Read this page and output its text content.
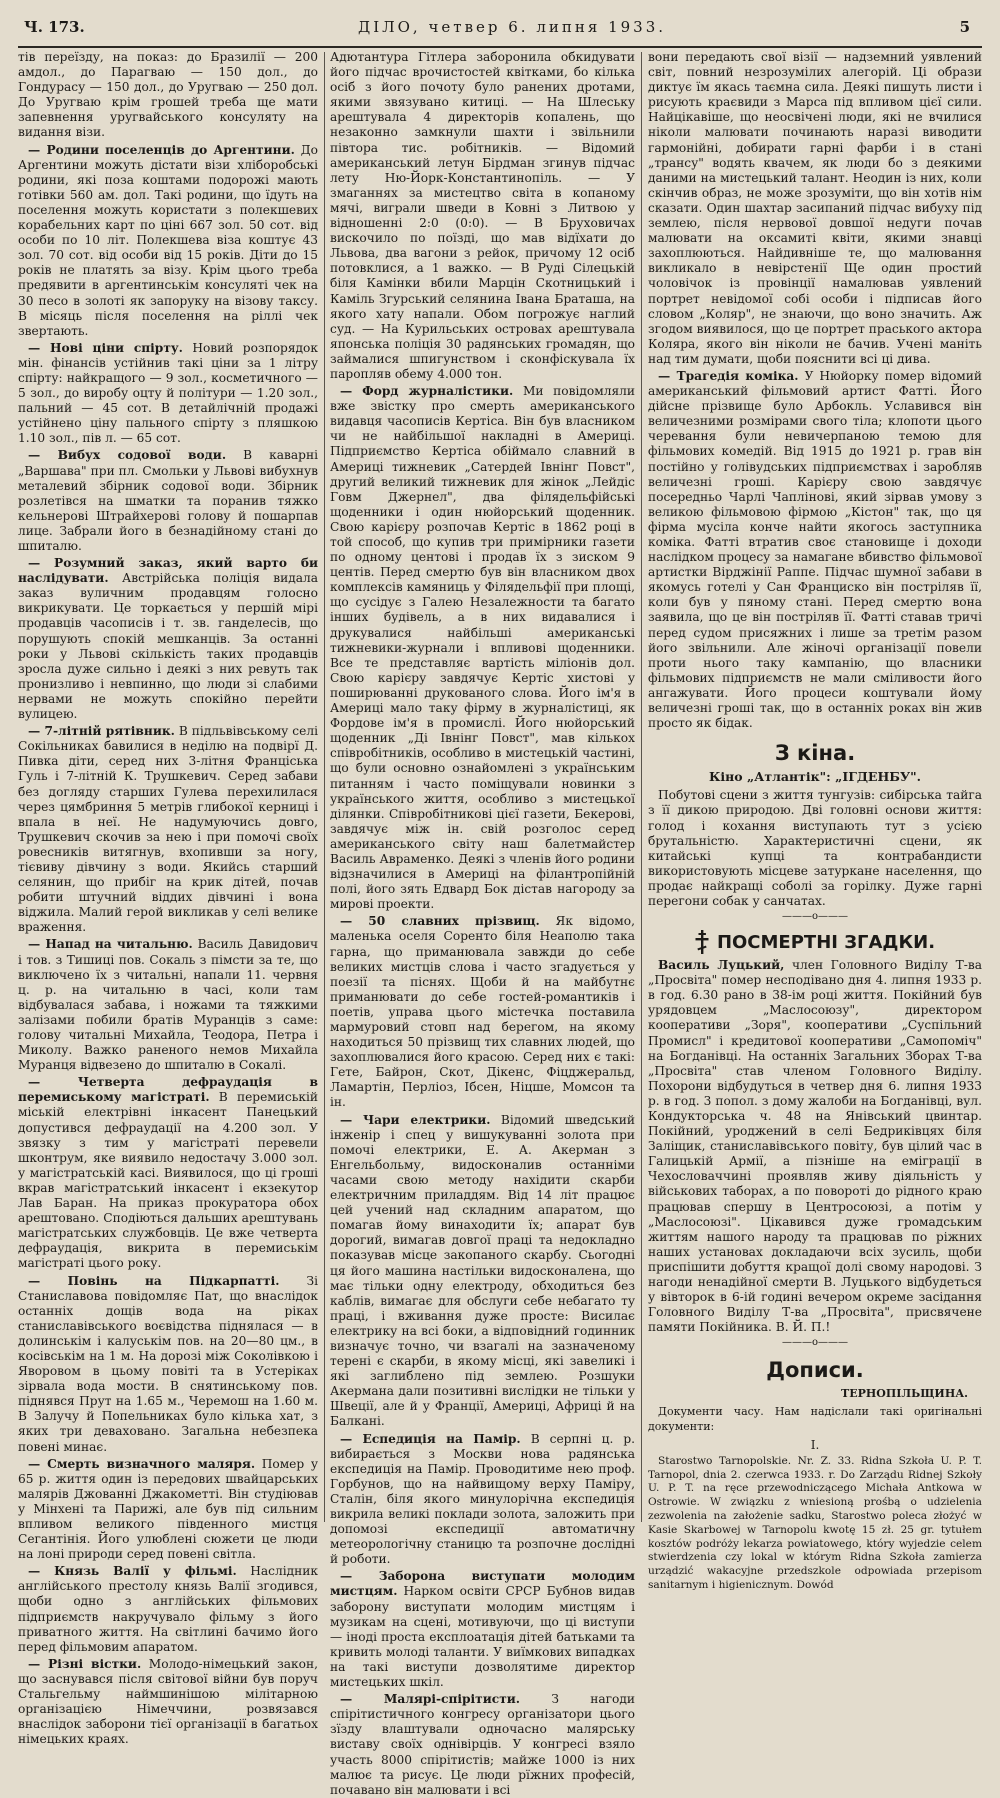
Ч. 173.	ДІЛО, четвер 6. липня 1933.	5

тів переїзду, на показ: до Бразилії — 200 амдол., до Парагваю — 150 дол., до Гондурасу — 150 дол., до Уругваю — 250 дол. До Уругваю крім грошей треба ще мати запевнення уругвайського консуляту на видання візи.

— Родини поселенців до Аргентини. До Аргентини можуть дістати візи хліборобські родини, які поза коштами подорожі мають готівки 560 ам. дол. Такі родини, що їдуть на поселення можуть користати з полекшевих корабельних карт по ціні 667 зол. 50 сот. від особи по 10 літ. Полекшева віза коштує 43 зол. 70 сот. від особи від 15 років. Діти до 15 років не платять за візу. Крім цього треба предявити в аргентинськім консуляті чек на 30 песо в золоті як запоруку на візову таксу. В місяць після поселення на ріллі чек звертають.

— Нові ціни спірту. Новий розпорядок мін. фінансів устійнив такі ціни за 1 літру спірту: найкращого — 9 зол., косметичного — 5 зол., до виробу оцту й політури — 1.20 зол., пальний — 45 сот. В детайлічній продажі устійнено ціну пального спірту з пляшкою 1.10 зол., пів л. — 65 сот.

— Вибух содової води. В каварні „Варшава" при пл. Смольки у Львові вибухнув металевий збірник содової води. Збірник розлетівся на шматки та поранив тяжко кельнерові Штрайхерові голову й пошарпав лице. Забрали його в безнадійному стані до шпиталю.

— Розумний заказ, який варто би наслідувати. Австрійська поліція видала заказ вуличним продавцям голосно викрикувати. Це торкається у першій мірі продавців часописів і т. зв. ганделесів, що порушують спокій мешканців. За останні роки у Львові скількість таких продавців зросла дуже сильно і деякі з них ревуть так пронизливо і невпинно, що люди зі слабими нервами не можуть спокійно перейти вулицею.

— 7-літній рятівник. В підльвівському селі Сокільниках бавилися в неділю на подвірї Д. Пивка діти, серед них 3-літня Франціська Гуль і 7-літній К. Трушкевич. Серед забави без догляду старших Гулева перехилилася через цямбриння 5 метрів глибокої керниці і впала в неї. Не надумуючись довго, Трушкевич скочив за нею і при помочі своїх ровесників витягнув, вхопивши за ногу, тієвиву дівчину з води. Якийсь старший селянин, що прибіг на крик дітей, почав робити штучний віддих дівчині і вона віджила. Малий герой викликав у селі велике враження.

— Напад на читальню. Василь Давидович і тов. з Тишиці пов. Сокаль з пімсти за те, що виключено їх з читальні, напали 11. червня ц. р. на читальню в часі, коли там відбувалася забава, і ножами та тяжкими залізами побили братів Муранців з саме: голову читальні Михайла, Теодора, Петра і Миколу. Важко раненого немов Михайла Муранця відвезено до шпиталю в Сокалі.

— Четверта дефраудація в перемиському магістраті. В перемиській міській електрівні інкасент Панецький допустився дефраудації на 4.200 зол. У звязку з тим у магістраті перевели шконтрум, яке виявило недостачу 3.000 зол. у магістратській касі. Виявилося, що ці гроші вкрав магістратський інкасент і екзекутор Лав Баран. На приказ прокуратора обох арештовано. Сподіються дальших арештувань магістратських службовців. Це вже четверта дефраудація, викрита в перемиськім магістраті цього року.

— Повінь на Підкарпатті. Зі Станиславова повідомляє Пат, що внаслідок останніх дощів вода на ріках станиславівського воєвідства піднялася — в долинськім і калуськім пов. на 20—80 цм., в косівськім на 1 м. На дорозі між Соколівкою і Яворовом в цьому повіті та в Устеріках зірвала вода мости. В снятинському пов. піднявся Прут на 1.65 м., Черемош на 1.60 м. В Залучу й Попельниках було кілька хат, з яких три деваховано. Загальна небезпека повені минає.

— Смерть визначного маляря. Помер у 65 р. життя один із передових швайцарських малярів Джованні Джакометті. Він студіював у Мінхені та Парижі, але був під сильним впливом великого південного мистця Сегантінія. Його улюблені сюжети це люди на лоні природи серед повені світла.

— Князь Валії у фільмі. Наслідник англійського престолу князь Валії згодився, щоби одно з англійських фільмових підприємств накручувало фільму з його приватного життя. На світлині бачимо його перед фільмовим апаратом.

— Різні вістки. Молодо-німецький закон, що заснувався після світової війни був поруч Стальгельму наймшинішою мілітарною організацією Німеччини, розвязався внаслідок заборони тієї організації в багатьох німецьких краях.

Адютантура Гітлера заборонила обкидувати його підчас врочистостей квітками, бо кілька осіб з його почоту було ранених дротами, якими звязувано китиці. — На Шлеську арештувала 4 директорів копалень, що незаконно замкнули шахти і звільнили півтора тис. робітників. — Відомий американський летун Бірдман згинув підчас лету Ню-Йорк-Константинопіль. — У змаганнях за мистецтво світа в копаному мячі, виграли шведи в Ковні з Литвою у відношенні 2:0 (0:0). — В Бруховичах вискочило по поїзді, що мав відїхати до Львова, два вагони з рейок, причому 12 осіб потовклися, а 1 важко. — В Руді Сілецькій біля Камінки вбили Марцін Скотницький і Каміль Згурський селянина Івана Браташа, на якого хату напали. Обом погрожує наглий суд. — На Курильських островах арештувала японська поліція 30 радянських громадян, що займалися шпигунством і сконфіскувала їх паропляв обему 4.000 тон.

— Форд журналістики. Ми повідомляли вже звістку про смерть американського видавця часописів Кертіса. Він був власником чи не найбільшої накладні в Америці. Підприємство Кертіса обіймало славний в Америці тижневик „Сатердей Івнінг Повст", другий великий тижневик для жінок „Лейдіс Говм Джернел", два філядельфійські щоденники і один нюйорський щоденник. Свою карієру розпочав Кертіс в 1862 році в той способ, що купив три примірники газети по одному центові і продав їх з зиском 9 центів. Перед смертю був він власником двох комплексів камяниць у Філядельфії при площі, що сусідує з Галею Незалежности та багато інших будівель, а в них видавалися і друкувалися найбільші американські тижневики-журнали і впливові щоденники. Все те представляє вартість міліонів дол. Свою карієру завдячує Кертіс хистові у поширюванні друкованого слова. Його ім'я в Америці мало таку фірму в журналістиці, як Фордове ім'я в промислі. Його нюйорський щоденник „Ді Івнінг Повст", мав кількох співробітників, особливо в мистецькій частині, що були основно ознайомлені з українським питанням і часто поміщували новинки з українського життя, особливо з мистецької ділянки. Співробітникові цієї газети, Бекерові, завдячує між ін. свій розголос серед американського світу наш балетмайстер Василь Авраменко. Деякі з членів його родини відзначилися в Америці на філантропійній полі, його зять Едвард Бок дістав нагороду за мирові проекти.

— 50 славних прізвищ. Як відомо, маленька оселя Соренто біля Неаполю така гарна, що приманювала завжди до себе великих мистців слова і часто згадується у поезії та піснях. Щоби й на майбутнє приманювати до себе гостей-романтиків і поетів, управа цього містечка поставила мармуровий стовп над берегом, на якому находиться 50 прізвищ тих славних людей, що захоплювалися його красою. Серед них є такі: Гете, Байрон, Скот, Дікенс, Фіцджеральд, Ламартін, Перліоз, Ібсен, Ніцше, Момсон та ін.

— Чари електрики. Відомий шведський інженір і спец у вишукуванні золота при помочі електрики, Е. А. Акерман з Енгельбольму, видосконалив останніми часами свою методу нахідити скарби електричним приладдям. Від 14 літ працює цей учений над складним апаратом, що помагав йому винаходити їх; апарат був дорогий, вимагав довгої праці та недокладно показував місце закопаного скарбу. Сьогодні ця його машина настільки видосконалена, що має тільки одну електроду, обходиться без каблів, вимагає для обслуги себе небагато ту праці, і вживання дуже просте: Висилає електрику на всі боки, а відповідний годинник визначує точно, чи взагалі на зазначеному терені є скарби, в якому місці, які завеликі і які заглиблено під землею. Розшуки Акермана дали позитивні вислідки не тільки у Швеції, але й у Франції, Америці, Африці й на Балкані.

— Еспедиція на Памір. В серпні ц. р. вибирається з Москви нова радянська експедиція на Памір. Проводитиме нею проф. Горбунов, що на найвищому верху Паміру, Сталін, біля якого минулорічна експедиція викрила великі поклади золота, заложить при допомозі експедиції автоматичну метеорологічну станицю та розпочне дослідні й роботи.

— Заборона виступати молодим мистцям. Нарком освіти СРСР Бубнов видав заборону виступати молодим мистцям і музикам на сцені, мотивуючи, що ці виступи — іноді проста експлоатація дітей батьками та кривить молоді таланти. У виїмкових випадках на такі виступи дозволятиме директор мистецьких шкіл.

— Малярі-спірітисти.	З нагоди спірітистичного конгресу організатори цього зїзду влаштували одночасно малярську виставу своїх однівірців. У конгресі взяло участь 8000 спірітистів; майже 1000 із них малює та рисує. Це люди рїжних професій, почавано він малювати і всі

вони передають свої візії — надземний уявлений світ, повний незрозумілих алегорій. Ці образи диктує їм якась таємна сила. Деякі пишуть листи і рисують краєвиди з Марса під впливом цієї сили. Найцікавіше, що неосвічені люди, які не вчилися ніколи малювати починають наразі виводити гармонійні, добирати гарні фарби і в стані „трансу" водять квачем, як люди бо з деякими даними на мистецький талант. Неодин із них, коли скінчив образ, не може зрозуміти, що він хотів нім сказати. Один шахтар засипаний підчас вибуху під землею, після нервової довшої недуги почав малювати на оксамиті квіти, якими знавці захоплюються. Найдивніше те, що малювання викликало в невірстенії Ще один простий чоловічок із провінції намалював уявлений портрет невідомої собі особи і підписав його словом „Коляр", не знаючи, що воно значить. Аж згодом виявилося, що це портрет праського актора Коляра, якого він ніколи не бачив. Учені маніть над тим думати, щоби пояснити всі ці дива.

— Трагедія коміка. У Нюйорку помер відомий американський фільмовий артист Фатті. Його дійсне прізвище було Арбокль. Уславився він величезними розмірами свого тіла; клопоти цього черевання були невичерпаною темою для фільмових комедій. Від 1915 до 1921 р. грав він постійно у голівудських підприємствах і заробляв величезні гроші. Карієру свою завдячує посередньо Чарлі Чаплінові, який зірвав умову з великою фільмовою фірмою „Кістон" так, що ця фірма мусіла конче найти якогось заступника коміка. Фатті втратив своє становище і доходи наслідком процесу за намагане вбивство фільмової артистки Вірджінії Раппе. Підчас шумної забави в якомусь готелі у Сан Франциско він постріляв її, коли був у пяному стані. Перед смертю вона заявила, що це він постріляв її. Фатті ставав тричі перед судом присяжних і лише за третім разом його звільнили. Але жіночі організації повели проти нього таку кампанію, що власники фільмових підприємств не мали сміливости його ангажувати. Його процеси коштували йому величезні гроші так, що в останніх роках він жив просто як бідак.

З кіна.
Кіно „Атлантік": „ІГДЕНБУ".

Побутові сцени з життя тунгузів: сибірська тайга з її дикою природою. Дві головні основи життя: голод і кохання виступають тут з усією брутальністю. Характеристичні сцени, як китайські купці та контрабандисти використовують місцеве затуркане населення, що продає найкращі соболі за горілку. Дуже гарні перегони собак у санчатах.

———o———
ПОСМЕРТНІ ЗГАДКИ.

Василь Луцький, член Головного Виділу Т-ва „Просвіта" помер несподівано дня 4. липня 1933 р. в год. 6.30 рано в 38-ім році життя. Покійний був урядовцем „Маслосоюзу", директором кооперативи „Зоря", кооперативи „Суспільний Промисл" і кредитової кооперативи „Самопоміч" на Богданівці. На останніх Загальних Зборах Т-ва „Просвіта" став членом Головного Виділу. Похорони відбудуться в четвер дня 6. липня 1933 р. в год. 3 попол. з дому жалоби на Богданівці, вул. Кондукторська ч. 48 на Янівський цвинтар. Покійний, уроджений в селі Бедриківцях біля Заліщик, станиславівського повіту, був цілий час в Галицькій Армії, а пізніше на еміграції в Чехословаччині проявляв живу діяльність у військових таборах, а по повороті до рідного краю працював спершу в Центросоюзі, а потім у „Маслосоюзі". Цікавився дуже громадським життям нашого народу та працював по ріжних наших установах докладаючи всіх зусиль, щоби приспішити добуття кращої долі свому народові. З нагоди ненадійної смерти В. Луцького відбудеться у вівторок в 6-ій годині вечером окреме засідання Головного Виділу Т-ва „Просвіта", присвячене памяти Покійника. В. Й. П.!

———o———
Дописи.
ТЕРНОПІЛЬЩИНА.

Документи часу. Нам надіслали такі оригінальні документи:

I.

Starostwo Tarnopolskie. Nr. Z. 33. Ridna Szkoła U. P. T. Tarnopol, dnia 2. czerwca 1933. r. Do Zarządu Ridnej Szkoły U. P. T. na ręce przewodniczącego Michała Antkowa w Ostrowie. W związku z wniesioną prośbą o udzielenia zezwolenia na założenie sadku, Starostwo poleca złożyć w Kasie Skarbowej w Tarnopolu kwotę 15 zł. 25 gr. tytułem kosztów podróży lekarza powiatowego, który wyjedzie celem stwierdzenia czy lokal w którym Ridna Szkoła zamierza urządzić wakacyjne przedszkole odpowiada przepisom sanitarnym i higienicznym. Dowód
